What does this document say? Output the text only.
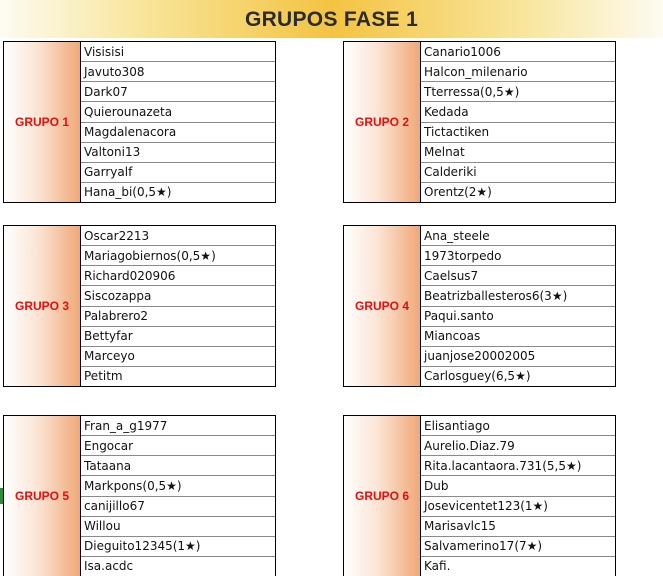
GRUPOS FASE 1
GRUPO 1
Visisisi
Javuto308
Dark07
Quierounazeta
Magdalenacora
Valtoni13
Garryalf
Hana_bi(0,5★)
GRUPO 2
Canario1006
Halcon_milenario
Tterressa(0,5★)
Kedada
Tictactiken
Melnat
Calderiki
Orentz(2★)
GRUPO 3
Oscar2213
Mariagobiernos(0,5★)
Richard020906
Siscozappa
Palabrero2
Bettyfar
Marceyo
Petitm
GRUPO 4
Ana_steele
1973torpedo
Caelsus7
Beatrizballesteros6(3★)
Paqui.santo
Miancoas
juanjose20002005
Carlosguey(6,5★)
GRUPO 5
Fran_a_g1977
Engocar
Tataana
Markpons(0,5★)
canijillo67
Willou
Dieguito12345(1★)
Isa.acdc
GRUPO 6
Elisantiago
Aurelio.Diaz.79
Rita.lacantaora.731(5,5★)
Dub
Josevicentet123(1★)
Marisavlc15
Salvamerino17(7★)
Kafi.
